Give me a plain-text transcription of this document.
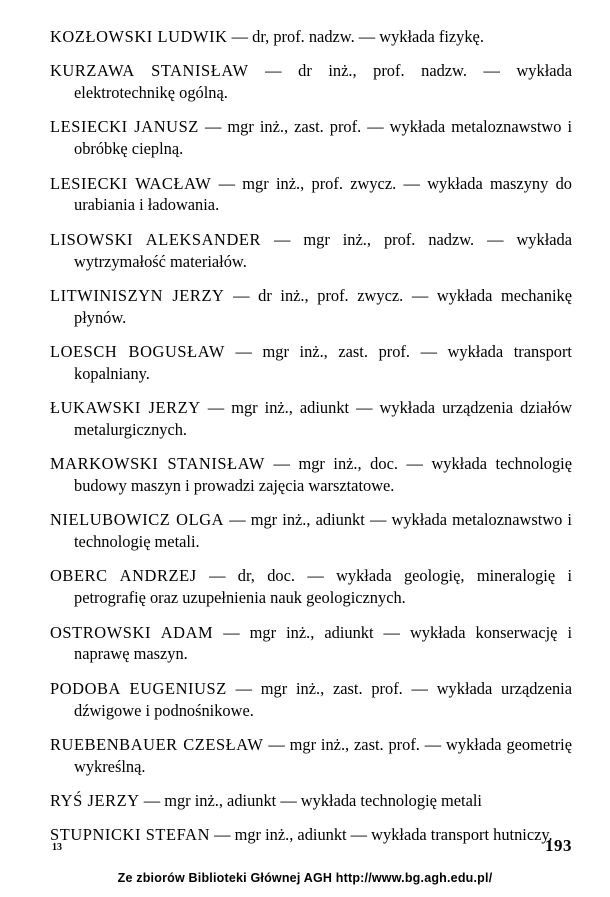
KOZŁOWSKI LUDWIK — dr, prof. nadzw. — wykłada fizykę.
KURZAWA STANISŁAW — dr inż., prof. nadzw. — wykłada elektrotechnikę ogólną.
LESIECKI JANUSZ — mgr inż., zast. prof. — wykłada metaloznawstwo i obróbkę cieplną.
LESIECKI WACŁAW — mgr inż., prof. zwycz. — wykłada maszyny do urabiania i ładowania.
LISOWSKI ALEKSANDER — mgr inż., prof. nadzw. — wykłada wytrzymałość materiałów.
LITWINISZYN JERZY — dr inż., prof. zwycz. — wykłada mechanikę płynów.
LOESCH BOGUSŁAW — mgr inż., zast. prof. — wykłada transport kopalniany.
ŁUKAWSKI JERZY — mgr inż., adiunkt — wykłada urządzenia działów metalurgicznych.
MARKOWSKI STANISŁAW — mgr inż., doc. — wykłada technologię budowy maszyn i prowadzi zajęcia warsztatowe.
NIELUBOWICZ OLGA — mgr inż., adiunkt — wykłada metaloznawstwo i technologię metali.
OBERC ANDRZEJ — dr, doc. — wykłada geologię, mineralogię i petrografię oraz uzupełnienia nauk geologicznych.
OSTROWSKI ADAM — mgr inż., adiunkt — wykłada konserwację i naprawę maszyn.
PODOBA EUGENIUSZ — mgr inż., zast. prof. — wykłada urządzenia dźwigowe i podnośnikowe.
RUEBENBAUER CZESŁAW — mgr inż., zast. prof. — wykłada geometrię wykreślną.
RYŚ JERZY — mgr inż., adiunkt — wykłada technologię metali
STUPNICKI STEFAN — mgr inż., adiunkt — wykłada transport hutniczy.
13	193
Ze zbiorów Biblioteki Głównej AGH http://www.bg.agh.edu.pl/
